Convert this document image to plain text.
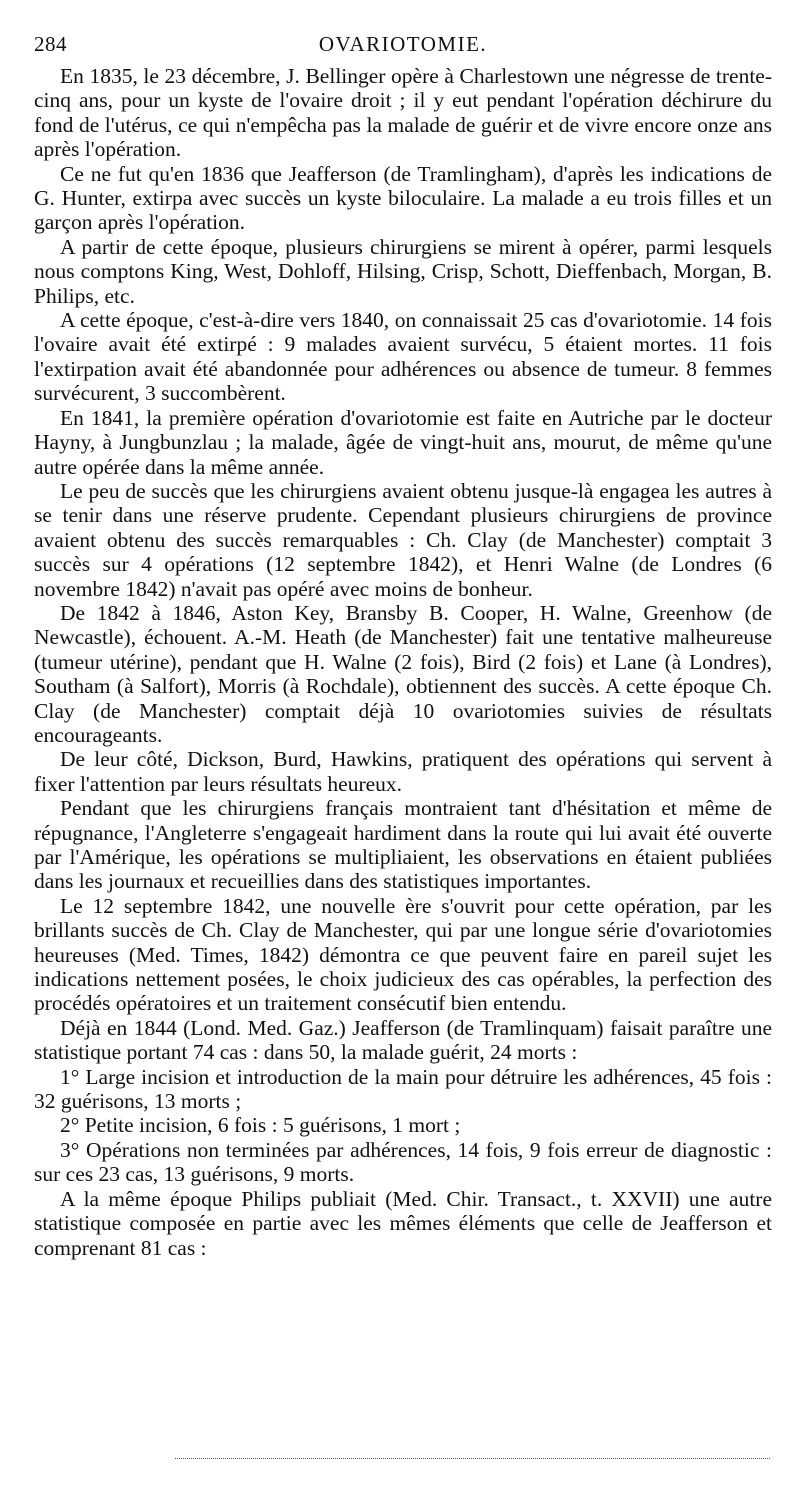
284	OVARIOTOMIE.

En 1835, le 23 décembre, J. Bellinger opère à Charlestown une négresse de trente-cinq ans, pour un kyste de l'ovaire droit ; il y eut pendant l'opération déchirure du fond de l'utérus, ce qui n'empêcha pas la malade de guérir et de vivre encore onze ans après l'opération.

Ce ne fut qu'en 1836 que Jeafferson (de Tramlingham), d'après les indications de G. Hunter, extirpa avec succès un kyste biloculaire. La malade a eu trois filles et un garçon après l'opération.

A partir de cette époque, plusieurs chirurgiens se mirent à opérer, parmi lesquels nous comptons King, West, Dohloff, Hilsing, Crisp, Schott, Dieffenbach, Morgan, B. Philips, etc.

A cette époque, c'est-à-dire vers 1840, on connaissait 25 cas d'ovariotomie. 14 fois l'ovaire avait été extirpé : 9 malades avaient survécu, 5 étaient mortes. 11 fois l'extirpation avait été abandonnée pour adhérences ou absence de tumeur. 8 femmes survécurent, 3 succombèrent.

En 1841, la première opération d'ovariotomie est faite en Autriche par le docteur Hayny, à Jungbunzlau ; la malade, âgée de vingt-huit ans, mourut, de même qu'une autre opérée dans la même année.

Le peu de succès que les chirurgiens avaient obtenu jusque-là engagea les autres à se tenir dans une réserve prudente. Cependant plusieurs chirurgiens de province avaient obtenu des succès remarquables : Ch. Clay (de Manchester) comptait 3 succès sur 4 opérations (12 septembre 1842), et Henri Walne (de Londres (6 novembre 1842) n'avait pas opéré avec moins de bonheur.

De 1842 à 1846, Aston Key, Bransby B. Cooper, H. Walne, Greenhow (de Newcastle), échouent. A.-M. Heath (de Manchester) fait une tentative malheureuse (tumeur utérine), pendant que H. Walne (2 fois), Bird (2 fois) et Lane (à Londres), Southam (à Salfort), Morris (à Rochdale), obtiennent des succès. A cette époque Ch. Clay (de Manchester) comptait déjà 10 ovariotomies suivies de résultats encourageants.

De leur côté, Dickson, Burd, Hawkins, pratiquent des opérations qui servent à fixer l'attention par leurs résultats heureux.

Pendant que les chirurgiens français montraient tant d'hésitation et même de répugnance, l'Angleterre s'engageait hardiment dans la route qui lui avait été ouverte par l'Amérique, les opérations se multipliaient, les observations en étaient publiées dans les journaux et recueillies dans des statistiques importantes.

Le 12 septembre 1842, une nouvelle ère s'ouvrit pour cette opération, par les brillants succès de Ch. Clay de Manchester, qui par une longue série d'ovariotomies heureuses (Med. Times, 1842) démontra ce que peuvent faire en pareil sujet les indications nettement posées, le choix judicieux des cas opérables, la perfection des procédés opératoires et un traitement consécutif bien entendu.

Déjà en 1844 (Lond. Med. Gaz.) Jeafferson (de Tramlinquam) faisait paraître une statistique portant 74 cas : dans 50, la malade guérit, 24 morts :

1° Large incision et introduction de la main pour détruire les adhérences, 45 fois : 32 guérisons, 13 morts ;

2° Petite incision, 6 fois : 5 guérisons, 1 mort ;

3° Opérations non terminées par adhérences, 14 fois, 9 fois erreur de diagnostic : sur ces 23 cas, 13 guérisons, 9 morts.

A la même époque Philips publiait (Med. Chir. Transact., t. XXVII) une autre statistique composée en partie avec les mêmes éléments que celle de Jeafferson et comprenant 81 cas :
